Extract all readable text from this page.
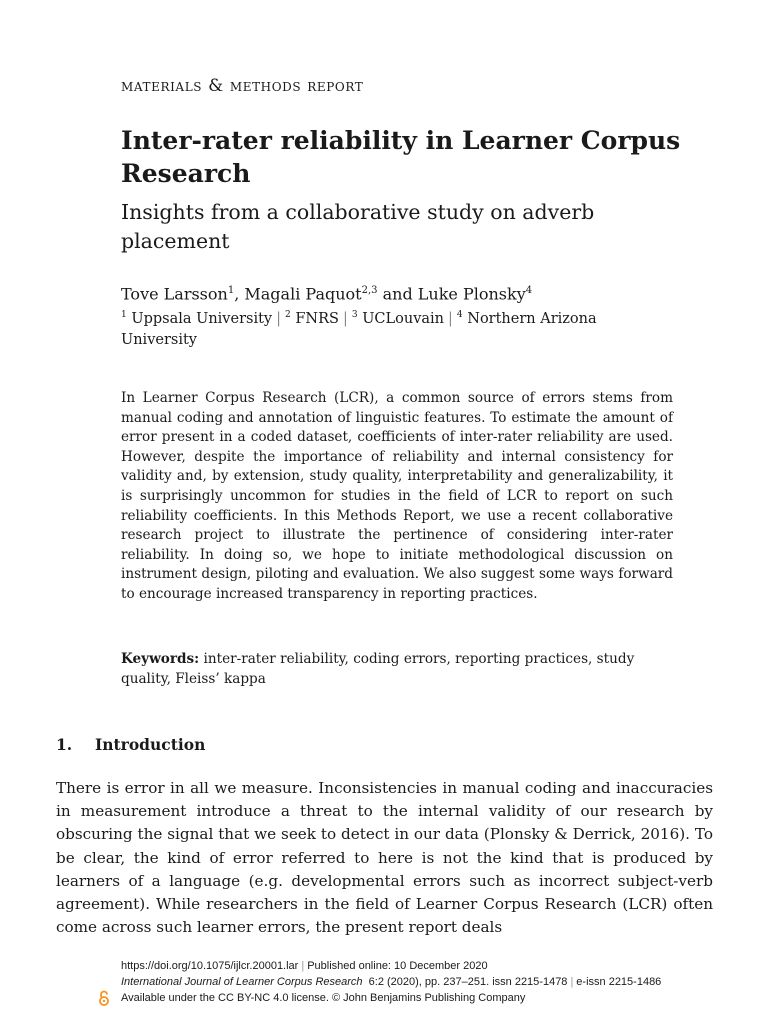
materials & methods report
Inter-rater reliability in Learner Corpus Research
Insights from a collaborative study on adverb placement
Tove Larsson$^1$, Magali Paquot$^{2,3}$ and Luke Plonsky$^4$
$^1$ Uppsala University | $^2$ FNRS | $^3$ UCLouvain | $^4$ Northern Arizona University
In Learner Corpus Research (LCR), a common source of errors stems from manual coding and annotation of linguistic features. To estimate the amount of error present in a coded dataset, coefficients of inter-rater reliability are used. However, despite the importance of reliability and internal consistency for validity and, by extension, study quality, interpretability and generalizability, it is surprisingly uncommon for studies in the field of LCR to report on such reliability coefficients. In this Methods Report, we use a recent collaborative research project to illustrate the pertinence of considering inter-rater reliability. In doing so, we hope to initiate methodological discussion on instrument design, piloting and evaluation. We also suggest some ways forward to encourage increased transparency in reporting practices.
Keywords: inter-rater reliability, coding errors, reporting practices, study quality, Fleiss’ kappa
1. Introduction
There is error in all we measure. Inconsistencies in manual coding and inaccuracies in measurement introduce a threat to the internal validity of our research by obscuring the signal that we seek to detect in our data (Plonsky & Derrick, 2016). To be clear, the kind of error referred to here is not the kind that is produced by learners of a language (e.g. developmental errors such as incorrect subject-verb agreement). While researchers in the field of Learner Corpus Research (LCR) often come across such learner errors, the present report deals
https://doi.org/10.1075/ijlcr.20001.lar | Published online: 10 December 2020
International Journal of Learner Corpus Research 6:2 (2020), pp. 237–251. issn 2215-1478 | e-issn 2215-1486
Available under the CC BY-NC 4.0 license. © John Benjamins Publishing Company
